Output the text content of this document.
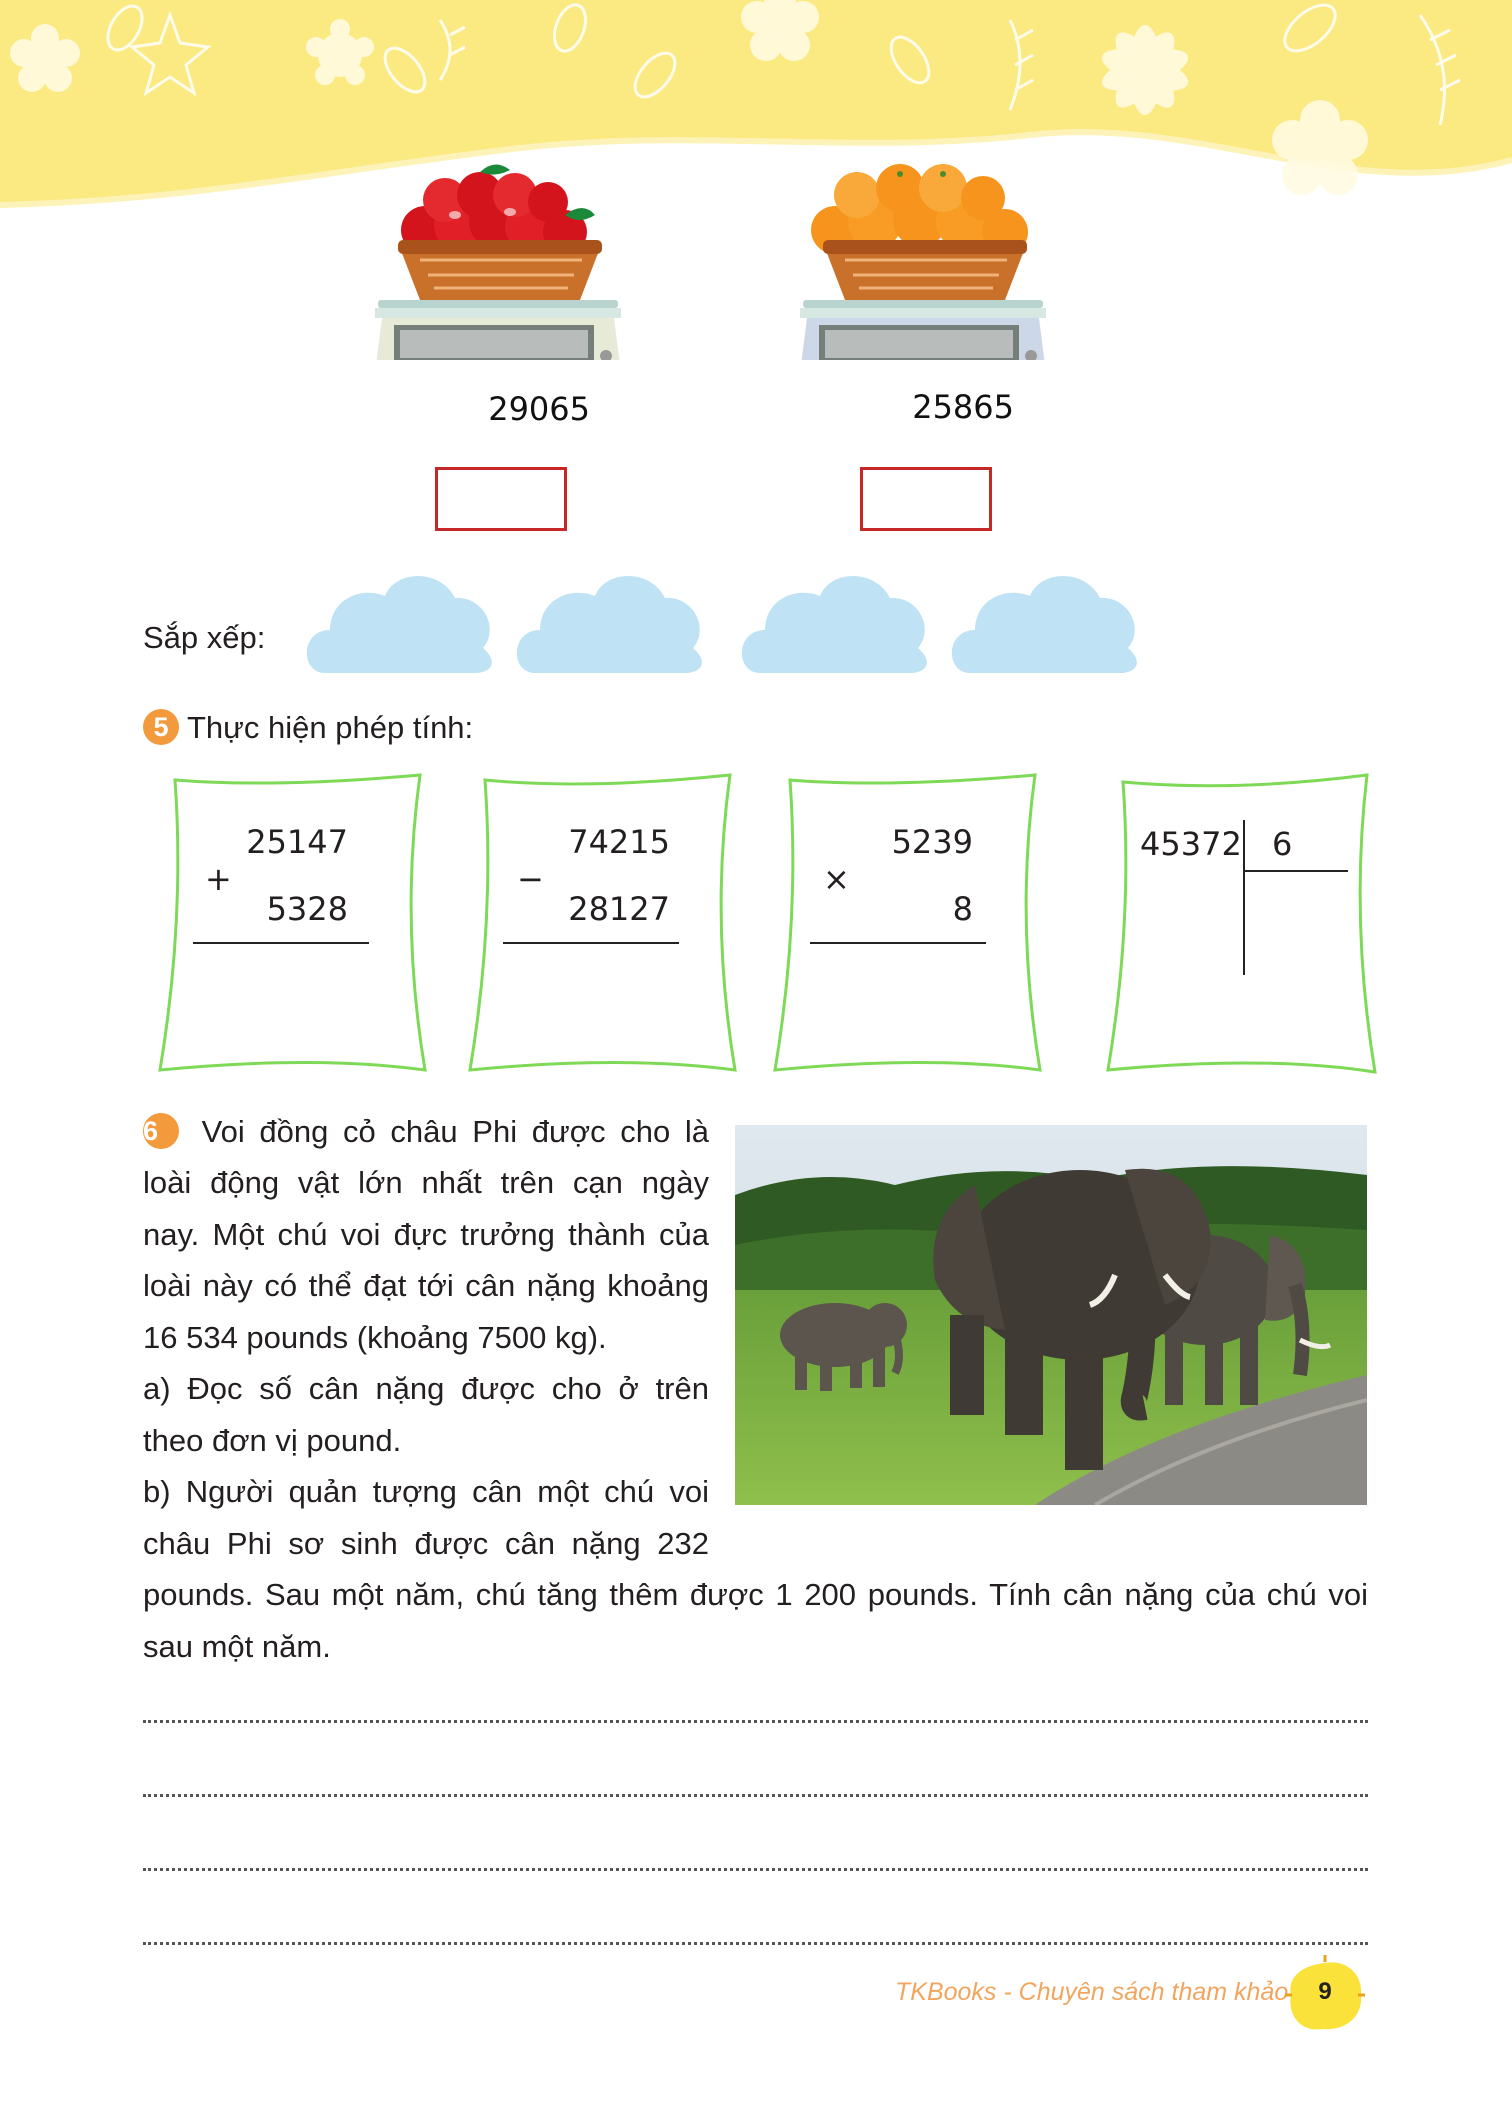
29065	25865
Sắp xếp:
5 Thực hiện phép tính:
25147
+
5328
74215
−
28127
5239
×
8
45372 6
6 Voi đồng cỏ châu Phi được cho là
loài động vật lớn nhất trên cạn ngày
nay. Một chú voi đực trưởng thành của
loài này có thể đạt tới cân nặng khoảng
16 534 pounds (khoảng 7500 kg).
a) Đọc số cân nặng được cho ở trên
theo đơn vị pound.
b) Người quản tượng cân một chú voi
châu Phi sơ sinh được cân nặng 232
pounds. Sau một năm, chú tăng thêm được 1 200 pounds. Tính cân nặng của chú voi
sau một năm.
TKBooks - Chuyên sách tham khảo	9
